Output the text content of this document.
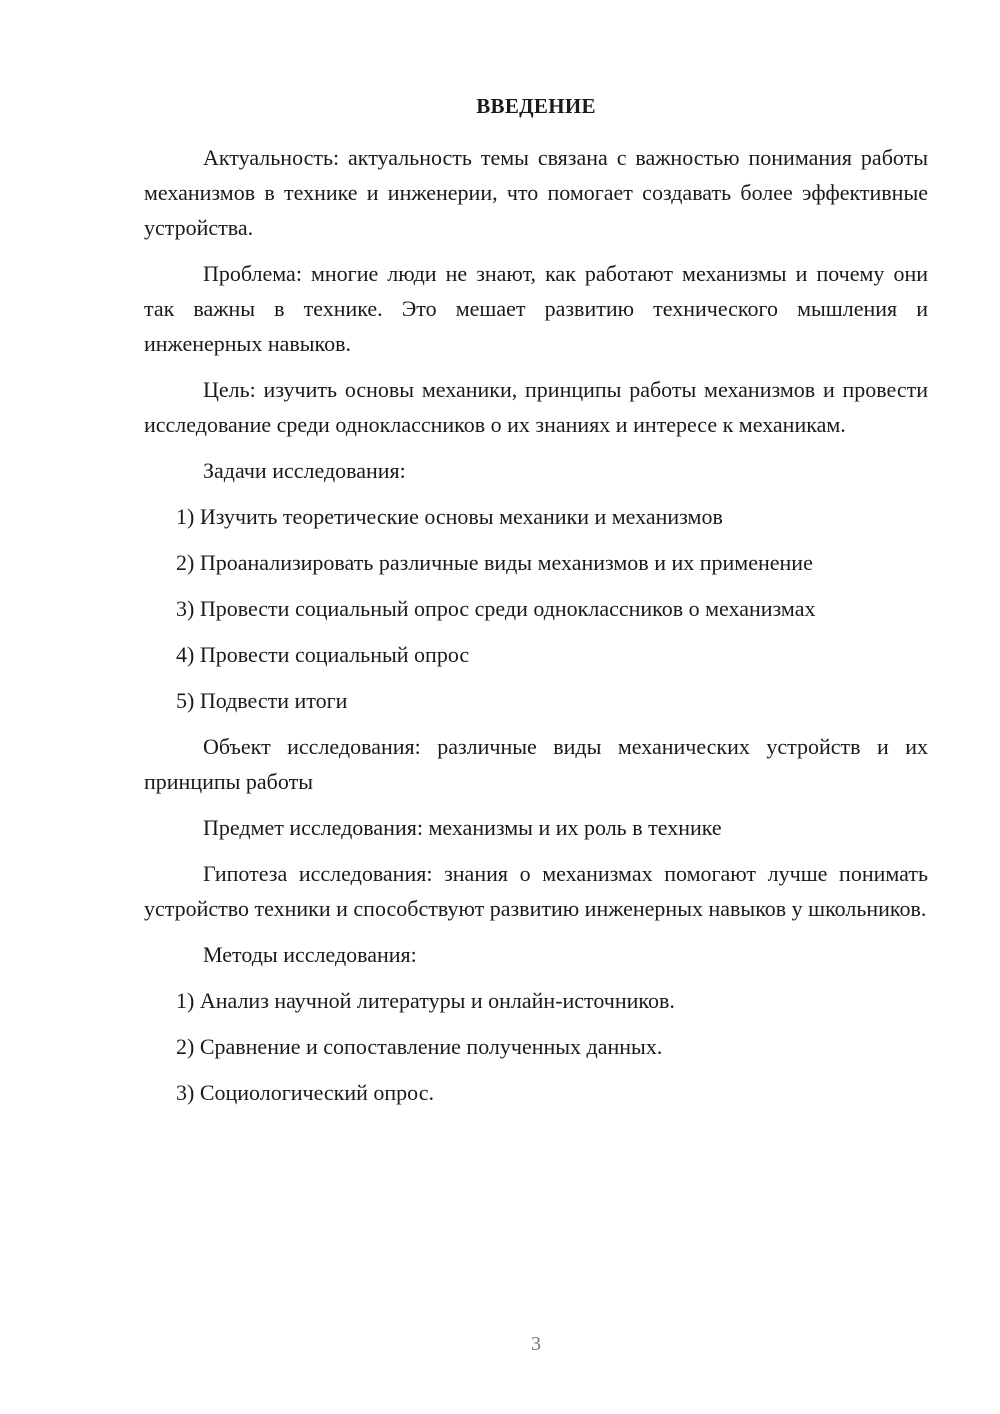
ВВЕДЕНИЕ

Актуальность: актуальность темы связана с важностью понимания работы механизмов в технике и инженерии, что помогает создавать более эффективные устройства.

Проблема: многие люди не знают, как работают механизмы и почему они так важны в технике. Это мешает развитию технического мышления и инженерных навыков.

Цель: изучить основы механики, принципы работы механизмов и провести исследование среди одноклассников о их знаниях и интересе к механикам.

Задачи исследования:

1) Изучить теоретические основы механики и механизмов

2) Проанализировать различные виды механизмов и их применение

3) Провести социальный опрос среди одноклассников о механизмах

4) Провести социальный опрос

5) Подвести итоги

Объект исследования: различные виды механических устройств и их принципы работы

Предмет исследования: механизмы и их роль в технике

Гипотеза исследования: знания о механизмах помогают лучше понимать устройство техники и способствуют развитию инженерных навыков у школьников.

Методы исследования:

1) Анализ научной литературы и онлайн-источников.

2) Сравнение и сопоставление полученных данных.

3) Социологический опрос.

3
